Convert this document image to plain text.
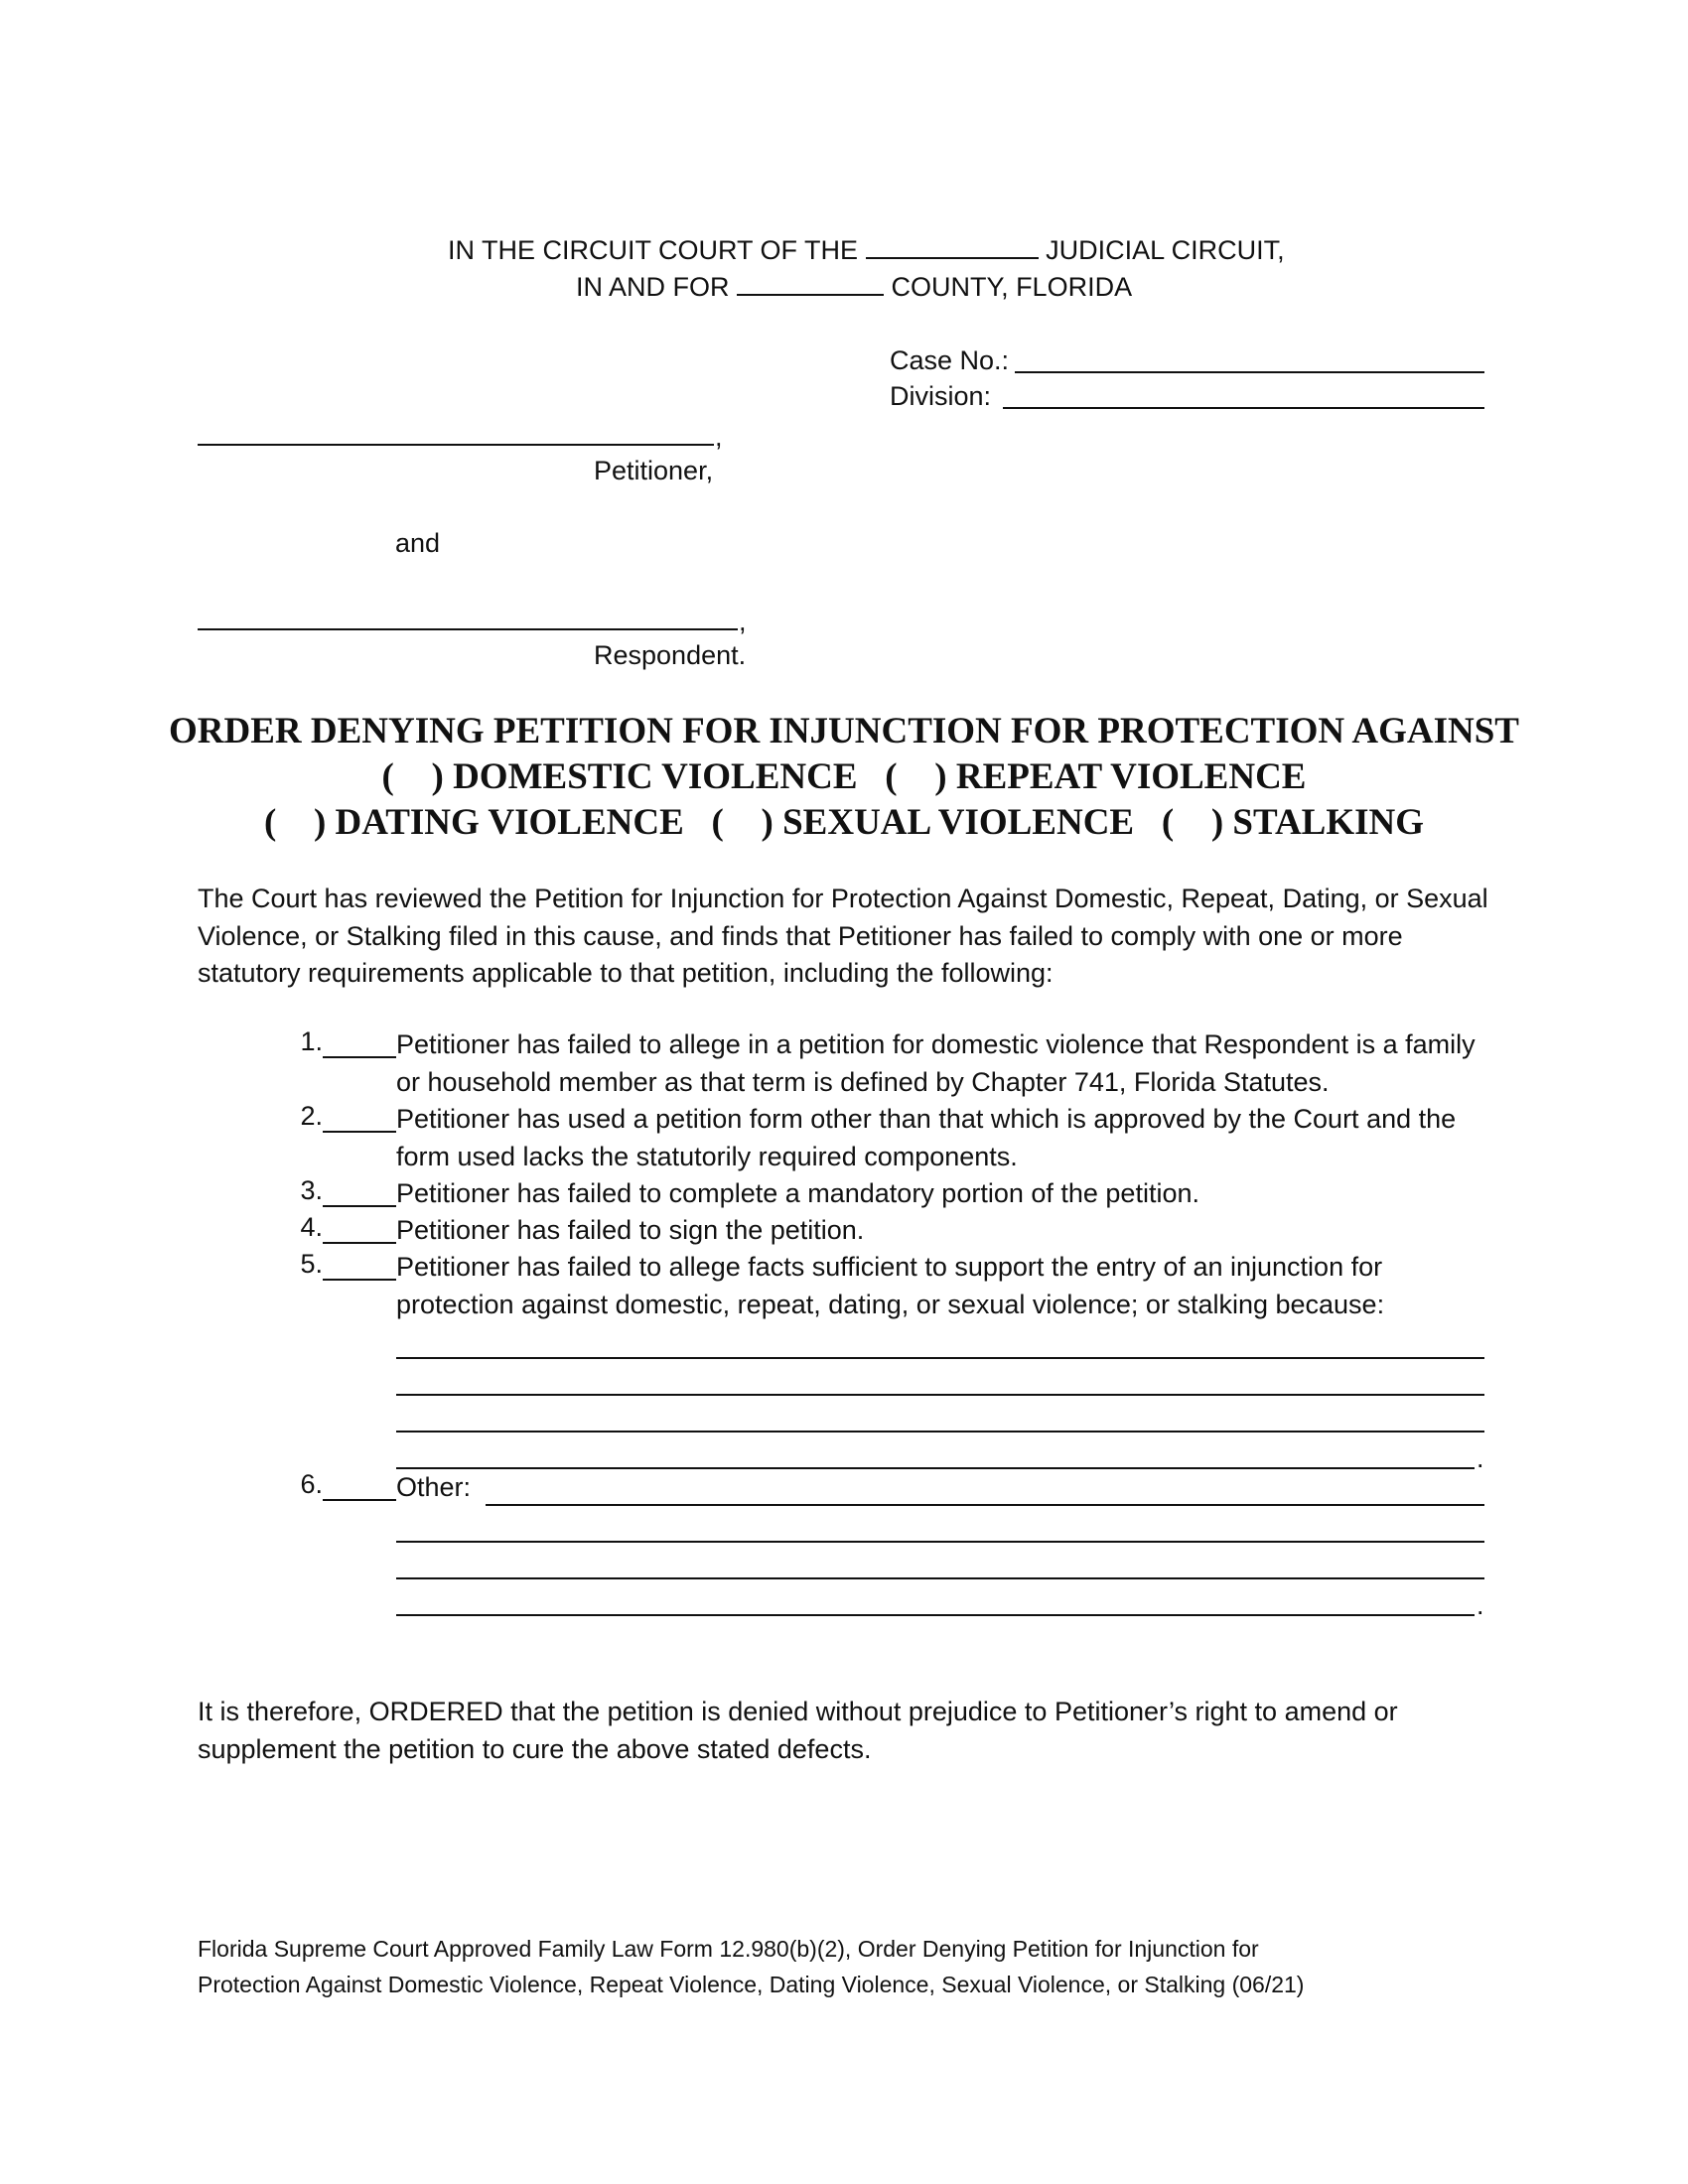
IN THE CIRCUIT COURT OF THE	JUDICIAL CIRCUIT,
IN AND FOR	COUNTY, FLORIDA
Case No.:
Division:
,
Petitioner,
and
,
Respondent.
ORDER DENYING PETITION FOR INJUNCTION FOR PROTECTION AGAINST
( ) DOMESTIC VIOLENCE ( ) REPEAT VIOLENCE
( ) DATING VIOLENCE ( ) SEXUAL VIOLENCE ( ) STALKING
The Court has reviewed the Petition for Injunction for Protection Against Domestic, Repeat, Dating, or Sexual Violence, or Stalking filed in this cause, and finds that Petitioner has failed to comply with one or more statutory requirements applicable to that petition, including the following:
1.	Petitioner has failed to allege in a petition for domestic violence that Respondent is a family or household member as that term is defined by Chapter 741, Florida Statutes.
2.	Petitioner has used a petition form other than that which is approved by the Court and the form used lacks the statutorily required components.
3.	Petitioner has failed to complete a mandatory portion of the petition.
4.	Petitioner has failed to sign the petition.
5.	Petitioner has failed to allege facts sufficient to support the entry of an injunction for protection against domestic, repeat, dating, or sexual violence; or stalking because:
.
6.	Other:
.
It is therefore, ORDERED that the petition is denied without prejudice to Petitioner’s right to amend or supplement the petition to cure the above stated defects.
Florida Supreme Court Approved Family Law Form 12.980(b)(2), Order Denying Petition for Injunction for
Protection Against Domestic Violence, Repeat Violence, Dating Violence, Sexual Violence, or Stalking (06/21)
